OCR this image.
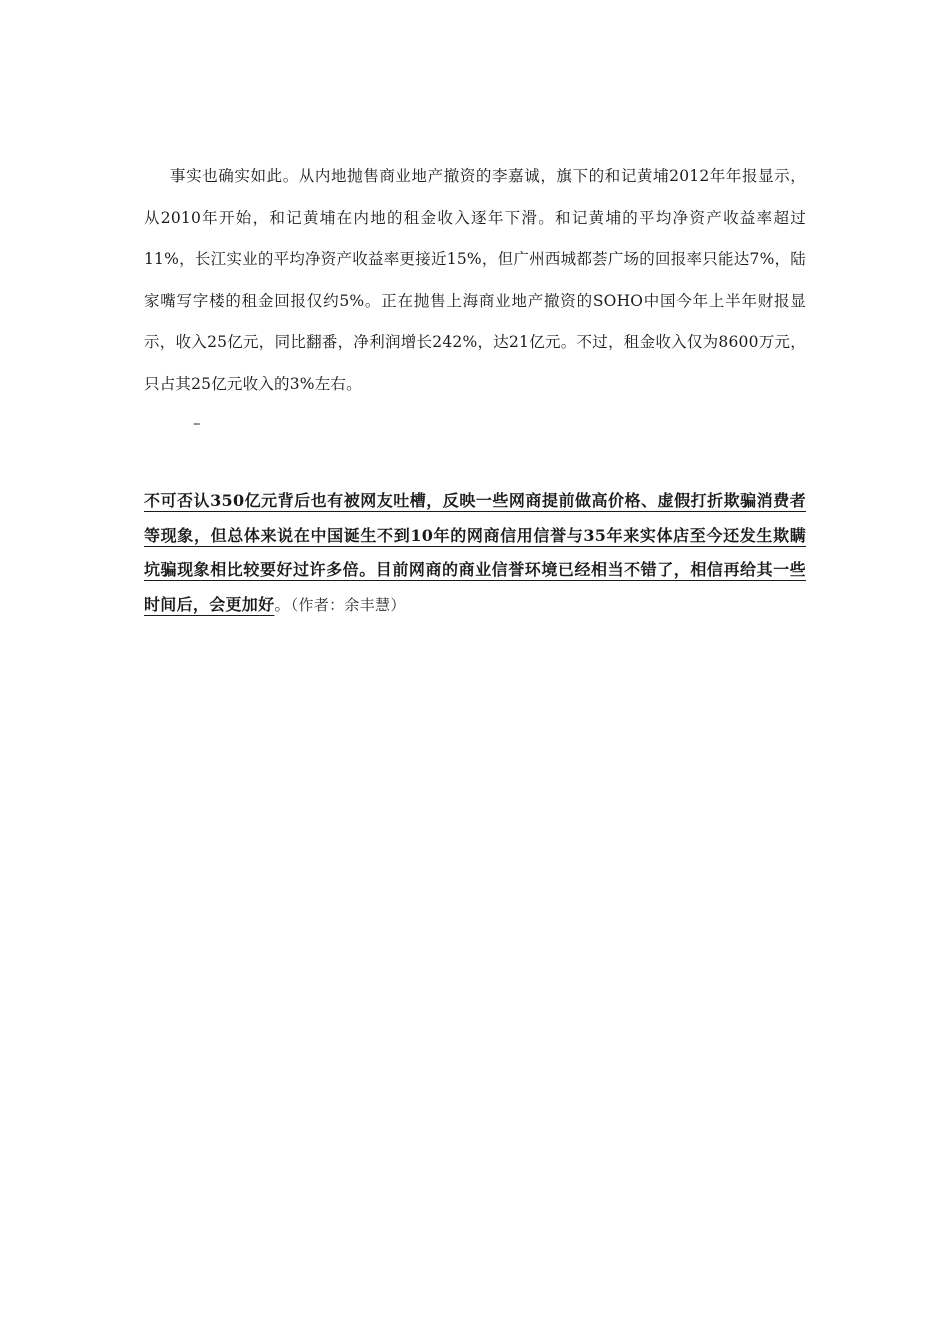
事实也确实如此。从内地抛售商业地产撤资的李嘉诚，旗下的和记黄埔2012年年报显示，从2010年开始，和记黄埔在内地的租金收入逐年下滑。和记黄埔的平均净资产收益率超过11%，长江实业的平均净资产收益率更接近15%，但广州西城都荟广场的回报率只能达7%，陆家嘴写字楼的租金回报仅约5%。正在抛售上海商业地产撤资的SOHO中国今年上半年财报显示，收入25亿元，同比翻番，净利润增长242%，达21亿元。不过，租金收入仅为8600万元，只占其25亿元收入的3%左右。

–

不可否认350亿元背后也有被网友吐槽，反映一些网商提前做高价格、虚假打折欺骗消费者等现象，但总体来说在中国诞生不到10年的网商信用信誉与35年来实体店至今还发生欺瞒坑骗现象相比较要好过许多倍。目前网商的商业信誉环境已经相当不错了，相信再给其一些时间后，会更加好。（作者：余丰慧）
